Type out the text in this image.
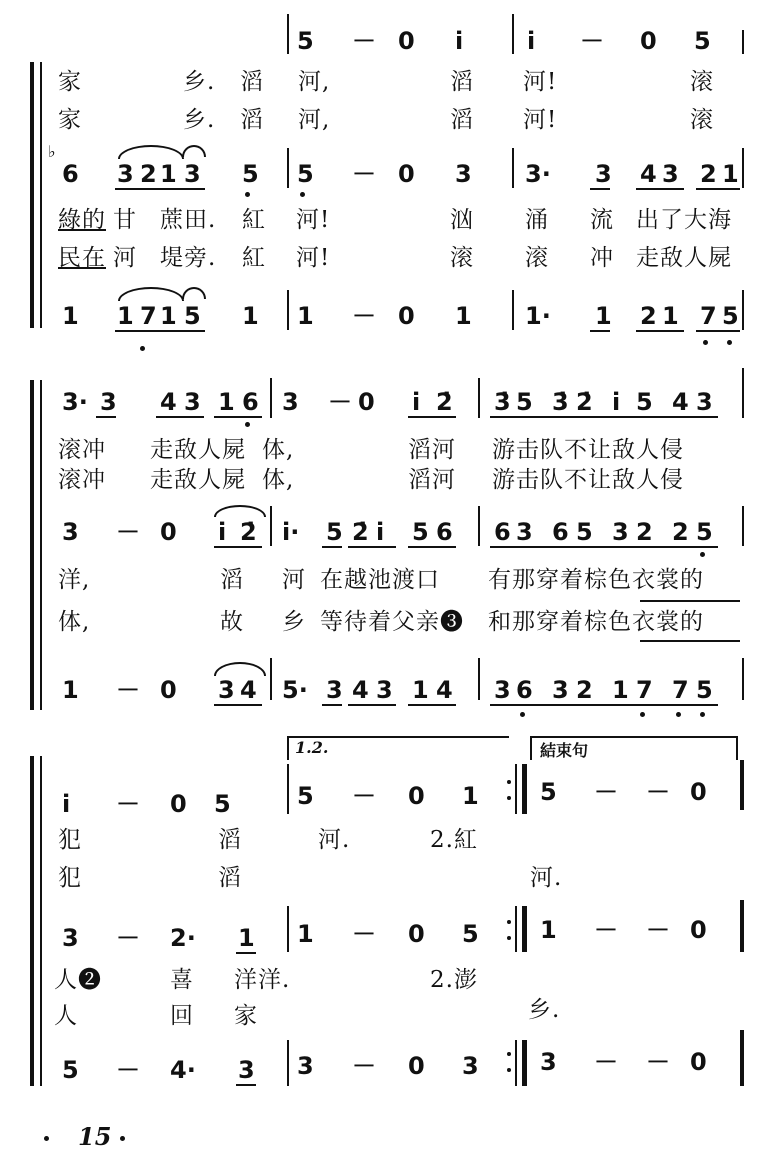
5 － 0 i̇	i̇ － 0 5
家	乡. 滔 河,	滔 河!	滚
家	乡. 滔 河,	滔 河!	滚
♭
6 3 2 1 3 5 5 － 0 3 3· 3 4 3 2 1
綠的 甘 蔗田. 紅 河!	汹 涌 流 出了大海
民在 河 堤旁. 紅 河!	滚 滚 冲 走敌人屍
1 1 7 1 5 1 1 － 0 1 1· 1 2 1 7 5
3· 3 4 3 1 6 3 － 0 i̇ 2̇ 3̇ 5 3̇ 2̇ i̇ 5 4 3
滚冲 走敌人屍 体,	滔河 游击队不让敌人侵
滚冲 走敌人屍 体,	滔河 游击队不让敌人侵
3 － 0 i̇ 2̇ i̇· 5 2̇ i̇ 5 6 6 3 6 5 3 2 2 5
洋,	滔 河 在越池渡口 有那穿着棕色衣裳的
体,	故 乡 等待着父亲❸ 和那穿着棕色衣裳的
1 － 0 3 4 5· 3 4 3 1 4 3 6 3 2 1 7 7 5
1.2.	結束句
i̇ － 0 5	5 － 0 1	5 － － 0
犯	滔	河.	2.紅
犯	滔	河.
3 － 2· 1 1 － 0 5	1 － － 0
人❷	喜 洋洋.	2.澎
人	回 家	乡.
5 － 4· 3 3 － 0 3	3 － － 0
15
